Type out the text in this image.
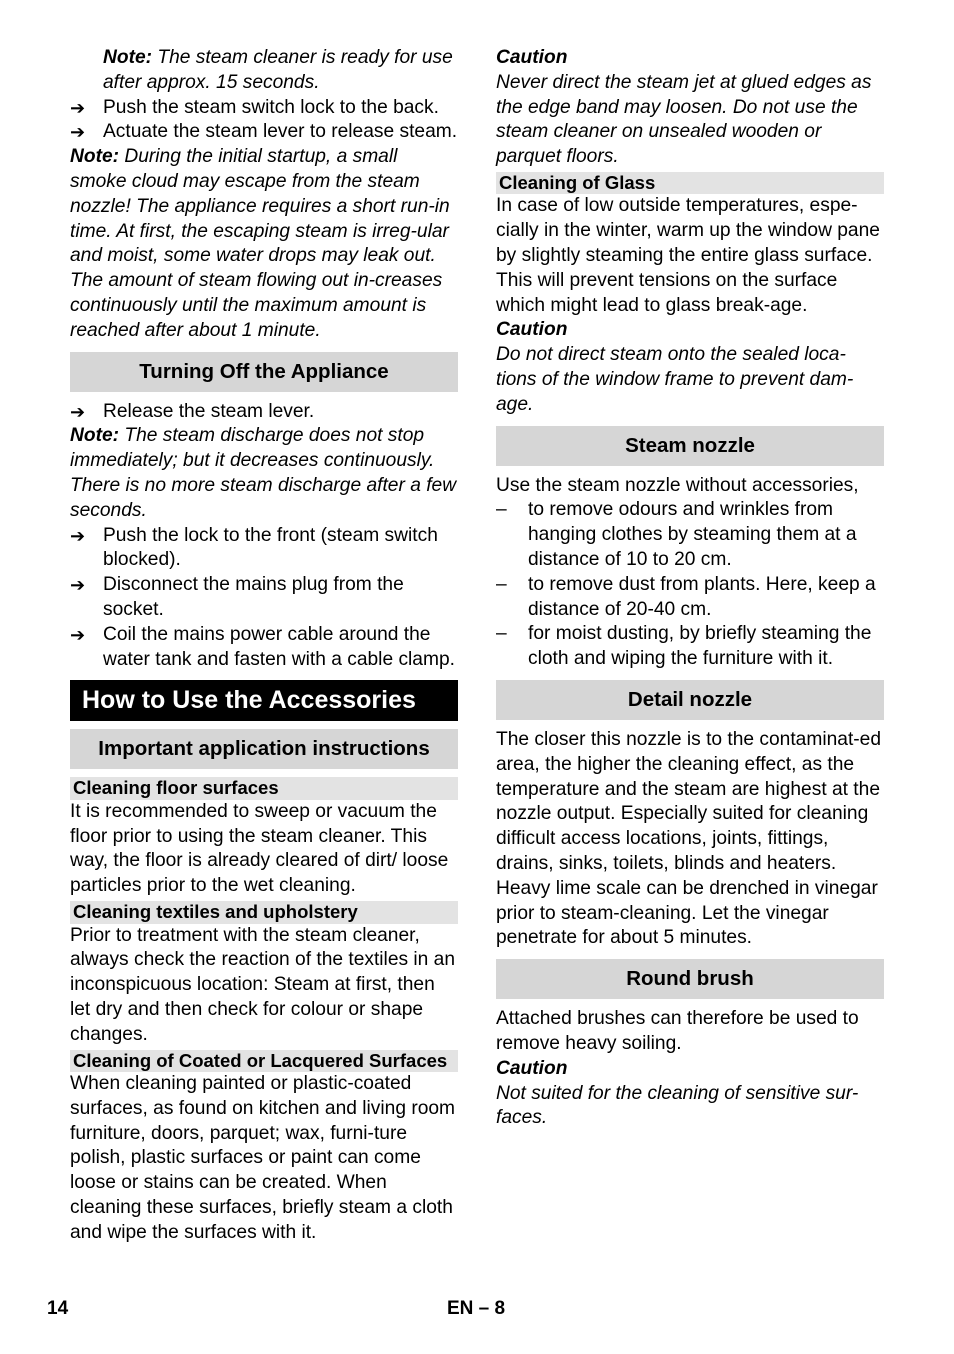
Note: The steam cleaner is ready for use after approx. 15 seconds.

➔ Push the steam switch lock to the back.
➔ Actuate the steam lever to release steam.

Note: During the initial startup, a small smoke cloud may escape from the steam nozzle! The appliance requires a short run-in time. At first, the escaping steam is irreg-ular and moist, some water drops may leak out. The amount of steam flowing out in-creases continuously until the maximum amount is reached after about 1 minute.

Turning Off the Appliance
➔ Release the steam lever.

Note: The steam discharge does not stop immediately; but it decreases continuously. There is no more steam discharge after a few seconds.

➔ Push the lock to the front (steam switch blocked).
➔ Disconnect the mains plug from the socket.
➔ Coil the mains power cable around the water tank and fasten with a cable clamp.
How to Use the Accessories
Important application instructions
Cleaning floor surfaces

It is recommended to sweep or vacuum the floor prior to using the steam cleaner. This way, the floor is already cleared of dirt/ loose particles prior to the wet cleaning.

Cleaning textiles and upholstery

Prior to treatment with the steam cleaner, always check the reaction of the textiles in an inconspicuous location: Steam at first, then let dry and then check for colour or shape changes.

Cleaning of Coated or Lacquered Surfaces

When cleaning painted or plastic-coated surfaces, as found on kitchen and living room furniture, doors, parquet; wax, furni-ture polish, plastic surfaces or paint can come loose or stains can be created. When cleaning these surfaces, briefly steam a cloth and wipe the surfaces with it.

Caution
Never direct the steam jet at glued edges as the edge band may loosen. Do not use the steam cleaner on unsealed wooden or parquet floors.

Cleaning of Glass

In case of low outside temperatures, espe-cially in the winter, warm up the window pane by slightly steaming the entire glass surface. This will prevent tensions on the surface which might lead to glass break-age.

Caution
Do not direct steam onto the sealed loca-tions of the window frame to prevent dam-age.

Steam nozzle

Use the steam nozzle without accessories,

–	to remove odours and wrinkles from hanging clothes by steaming them at a distance of 10 to 20 cm.
–	to remove dust from plants. Here, keep a distance of 20-40 cm.
–	for moist dusting, by briefly steaming the cloth and wiping the furniture with it.
Detail nozzle

The closer this nozzle is to the contaminat-ed area, the higher the cleaning effect, as the temperature and the steam are highest at the nozzle output. Especially suited for cleaning difficult access locations, joints, fittings, drains, sinks, toilets, blinds and heaters. Heavy lime scale can be drenched in vinegar prior to steam-cleaning. Let the vinegar penetrate for about 5 minutes.

Round brush

Attached brushes can therefore be used to remove heavy soiling.

Caution
Not suited for the cleaning of sensitive sur-faces.

14	EN – 8
